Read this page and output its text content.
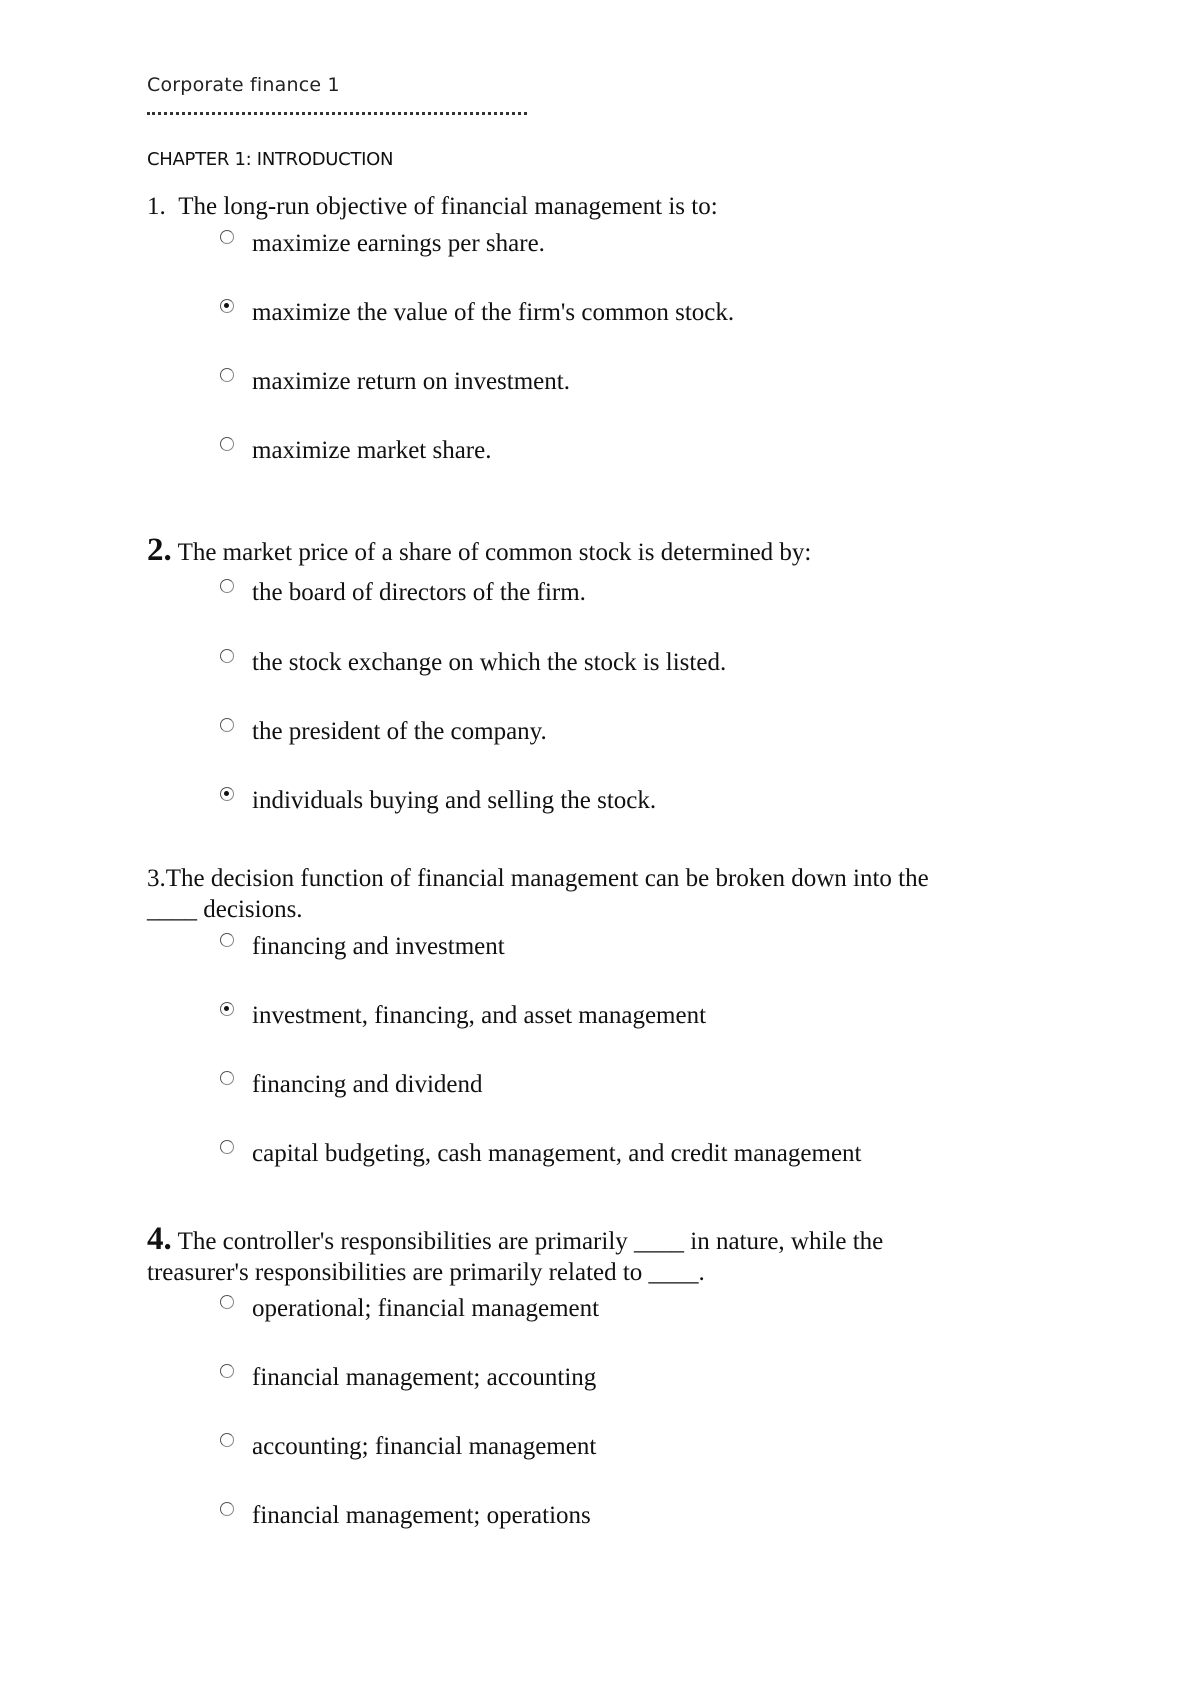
Corporate finance 1
CHAPTER 1: INTRODUCTION
1. The long-run objective of financial management is to:
maximize earnings per share.
maximize the value of the firm's common stock.
maximize return on investment.
maximize market share.
2. The market price of a share of common stock is determined by:
the board of directors of the firm.
the stock exchange on which the stock is listed.
the president of the company.
individuals buying and selling the stock.
3.The decision function of financial management can be broken down into the ____ decisions.
financing and investment
investment, financing, and asset management
financing and dividend
capital budgeting, cash management, and credit management
4. The controller's responsibilities are primarily ____ in nature, while the treasurer's responsibilities are primarily related to ____.
operational; financial management
financial management; accounting
accounting; financial management
financial management; operations
